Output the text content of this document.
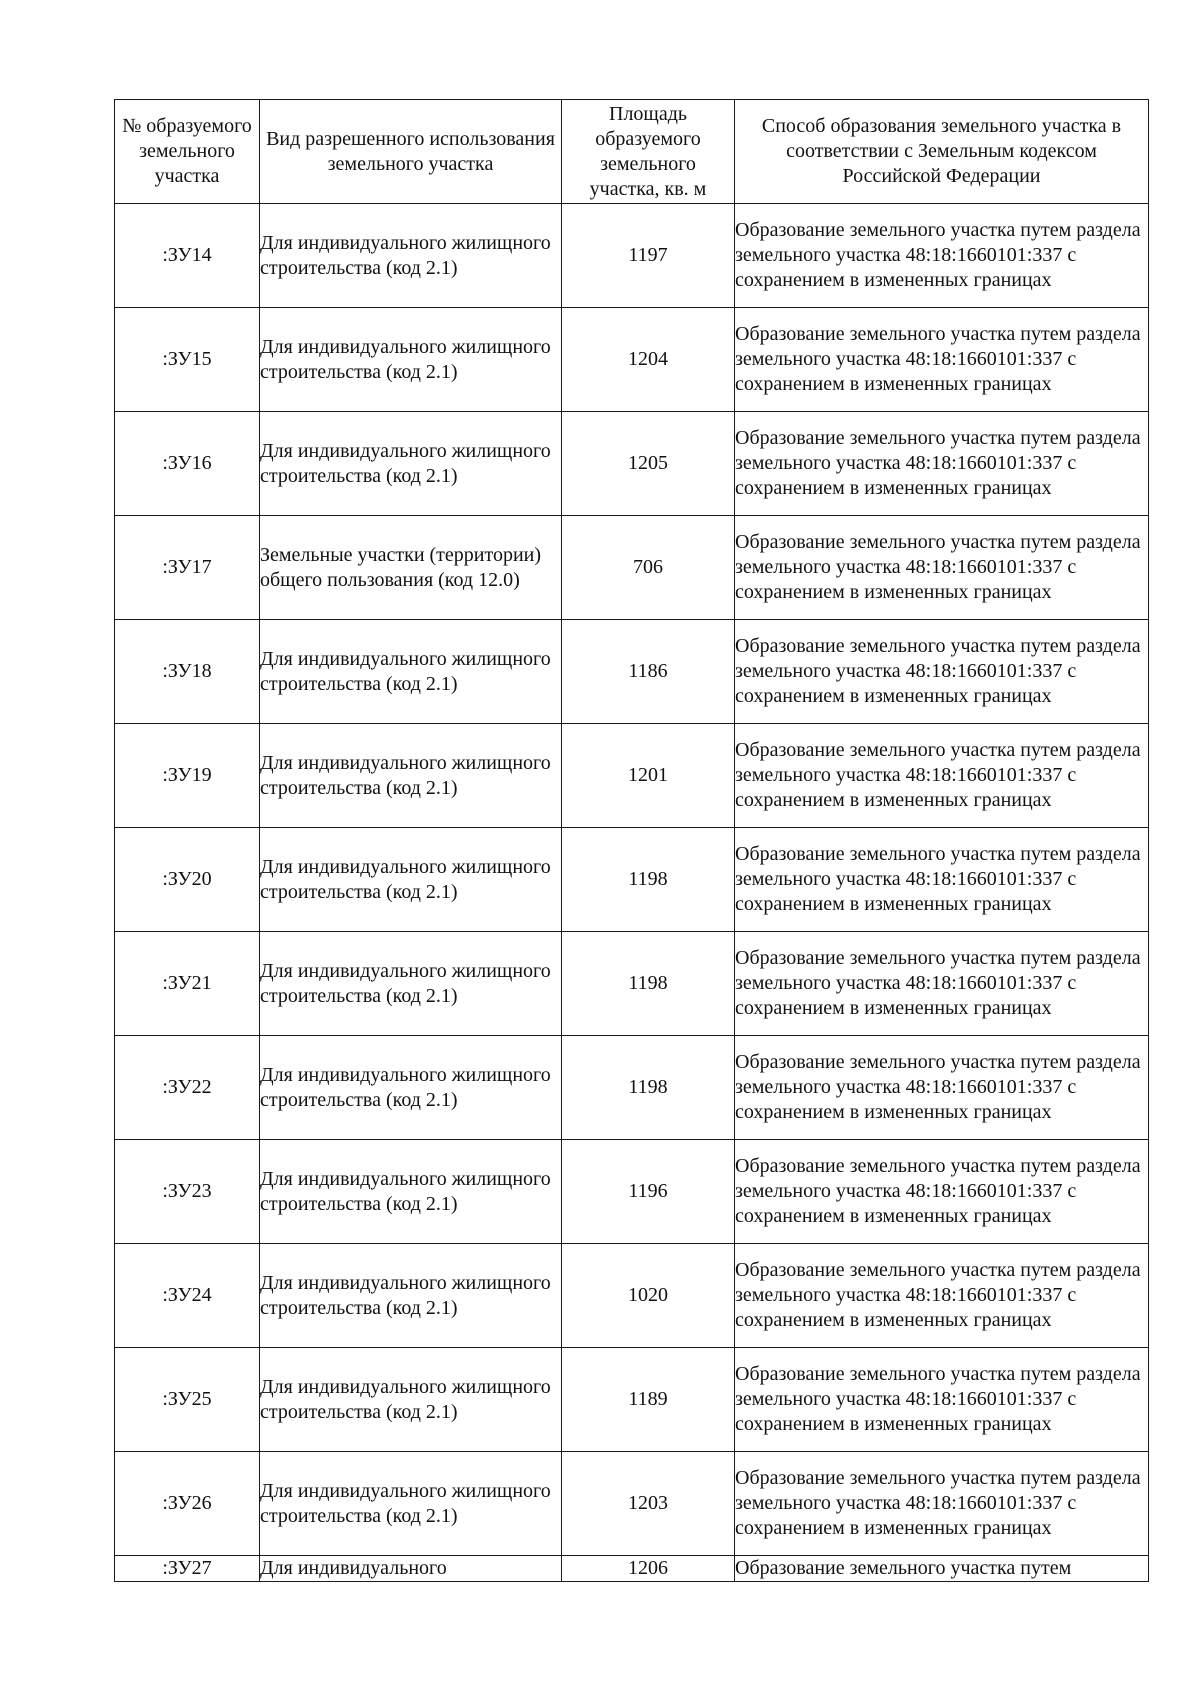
№ образуемого земельного участка	Вид разрешенного использования земельного участка	Площадь образуемого земельного участка, кв. м	Способ образования земельного участка в соответствии с Земельным кодексом Российской Федерации
:ЗУ14	Для индивидуального жилищного строительства (код 2.1)	1197	Образование земельного участка путем раздела земельного участка 48:18:1660101:337 с сохранением в измененных границах
:ЗУ15	Для индивидуального жилищного строительства (код 2.1)	1204	Образование земельного участка путем раздела земельного участка 48:18:1660101:337 с сохранением в измененных границах
:ЗУ16	Для индивидуального жилищного строительства (код 2.1)	1205	Образование земельного участка путем раздела земельного участка 48:18:1660101:337 с сохранением в измененных границах
:ЗУ17	Земельные участки (территории) общего пользования (код 12.0)	706	Образование земельного участка путем раздела земельного участка 48:18:1660101:337 с сохранением в измененных границах
:ЗУ18	Для индивидуального жилищного строительства (код 2.1)	1186	Образование земельного участка путем раздела земельного участка 48:18:1660101:337 с сохранением в измененных границах
:ЗУ19	Для индивидуального жилищного строительства (код 2.1)	1201	Образование земельного участка путем раздела земельного участка 48:18:1660101:337 с сохранением в измененных границах
:ЗУ20	Для индивидуального жилищного строительства (код 2.1)	1198	Образование земельного участка путем раздела земельного участка 48:18:1660101:337 с сохранением в измененных границах
:ЗУ21	Для индивидуального жилищного строительства (код 2.1)	1198	Образование земельного участка путем раздела земельного участка 48:18:1660101:337 с сохранением в измененных границах
:ЗУ22	Для индивидуального жилищного строительства (код 2.1)	1198	Образование земельного участка путем раздела земельного участка 48:18:1660101:337 с сохранением в измененных границах
:ЗУ23	Для индивидуального жилищного строительства (код 2.1)	1196	Образование земельного участка путем раздела земельного участка 48:18:1660101:337 с сохранением в измененных границах
:ЗУ24	Для индивидуального жилищного строительства (код 2.1)	1020	Образование земельного участка путем раздела земельного участка 48:18:1660101:337 с сохранением в измененных границах
:ЗУ25	Для индивидуального жилищного строительства (код 2.1)	1189	Образование земельного участка путем раздела земельного участка 48:18:1660101:337 с сохранением в измененных границах
:ЗУ26	Для индивидуального жилищного строительства (код 2.1)	1203	Образование земельного участка путем раздела земельного участка 48:18:1660101:337 с сохранением в измененных границах
:ЗУ27	Для индивидуального	1206	Образование земельного участка путем
